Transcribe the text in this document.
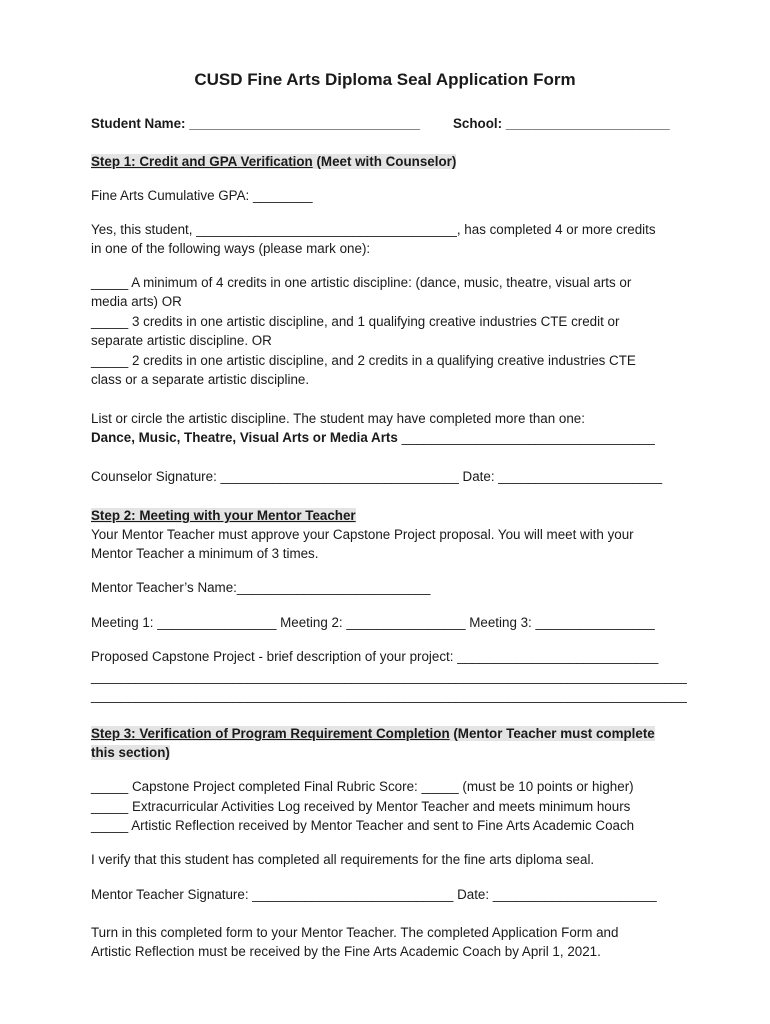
CUSD Fine Arts Diploma Seal Application Form
Student Name: _______________________________ School: ______________________
Step 1: Credit and GPA Verification (Meet with Counselor)
Fine Arts Cumulative GPA: ________
Yes, this student, ___________________________________, has completed 4 or more credits
in one of the following ways (please mark one):
_____ A minimum of 4 credits in one artistic discipline: (dance, music, theatre, visual arts or
media arts) OR
_____ 3 credits in one artistic discipline, and 1 qualifying creative industries CTE credit or
separate artistic discipline. OR
_____ 2 credits in one artistic discipline, and 2 credits in a qualifying creative industries CTE
class or a separate artistic discipline.
List or circle the artistic discipline. The student may have completed more than one:
Dance, Music, Theatre, Visual Arts or Media Arts __________________________________
Counselor Signature: ________________________________ Date: ______________________
Step 2: Meeting with your Mentor Teacher
Your Mentor Teacher must approve your Capstone Project proposal. You will meet with your
Mentor Teacher a minimum of 3 times.
Mentor Teacher’s Name:__________________________
Meeting 1: ________________ Meeting 2: ________________ Meeting 3: ________________
Proposed Capstone Project - brief description of your project: ___________________________
________________________________________________________________________________
________________________________________________________________________________
Step 3: Verification of Program Requirement Completion (Mentor Teacher must complete
this section)
_____ Capstone Project completed Final Rubric Score: _____ (must be 10 points or higher)
_____ Extracurricular Activities Log received by Mentor Teacher and meets minimum hours
_____ Artistic Reflection received by Mentor Teacher and sent to Fine Arts Academic Coach
I verify that this student has completed all requirements for the fine arts diploma seal.
Mentor Teacher Signature: ___________________________ Date: ______________________
Turn in this completed form to your Mentor Teacher. The completed Application Form and
Artistic Reflection must be received by the Fine Arts Academic Coach by April 1, 2021.
